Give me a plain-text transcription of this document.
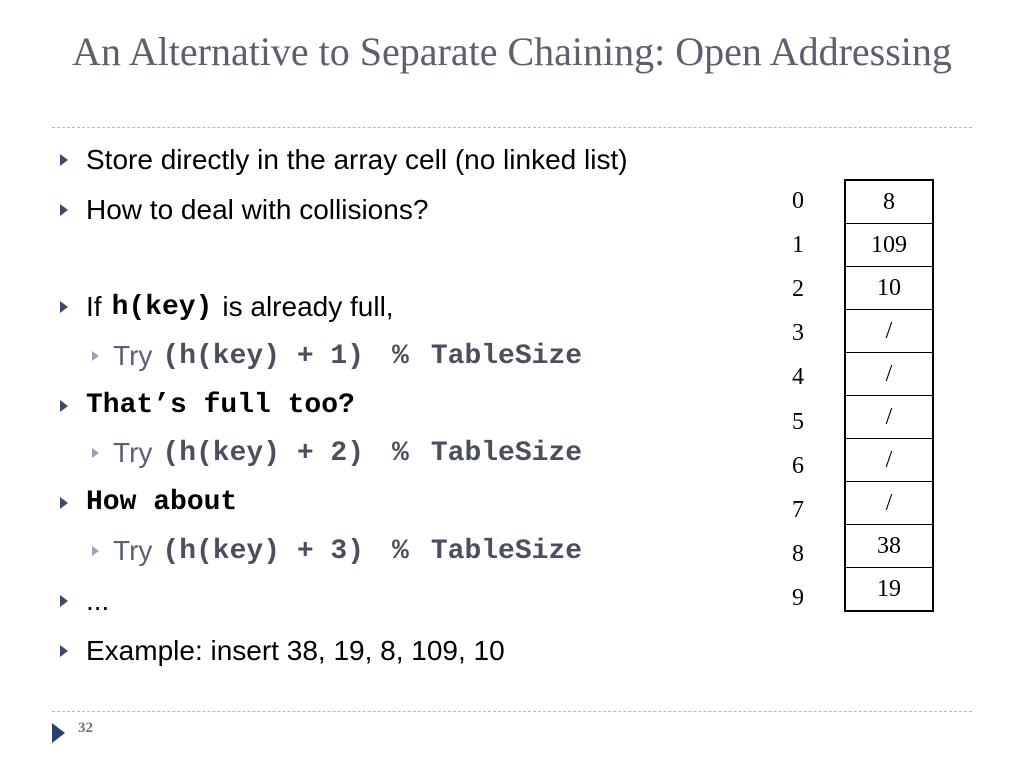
An Alternative to Separate Chaining: Open Addressing
Store directly in the array cell (no linked list)
How to deal with collisions?
If h(key) is already full,
Try (h(key) + 1) % TableSize
That’s full too?
Try (h(key) + 2) % TableSize
How about
Try (h(key) + 3) % TableSize
...
Example: insert 38, 19, 8, 109, 10
0
1
2
3
4
5
6
7
8
9
8
109
10
/
/
/
/
/
38
19
32
